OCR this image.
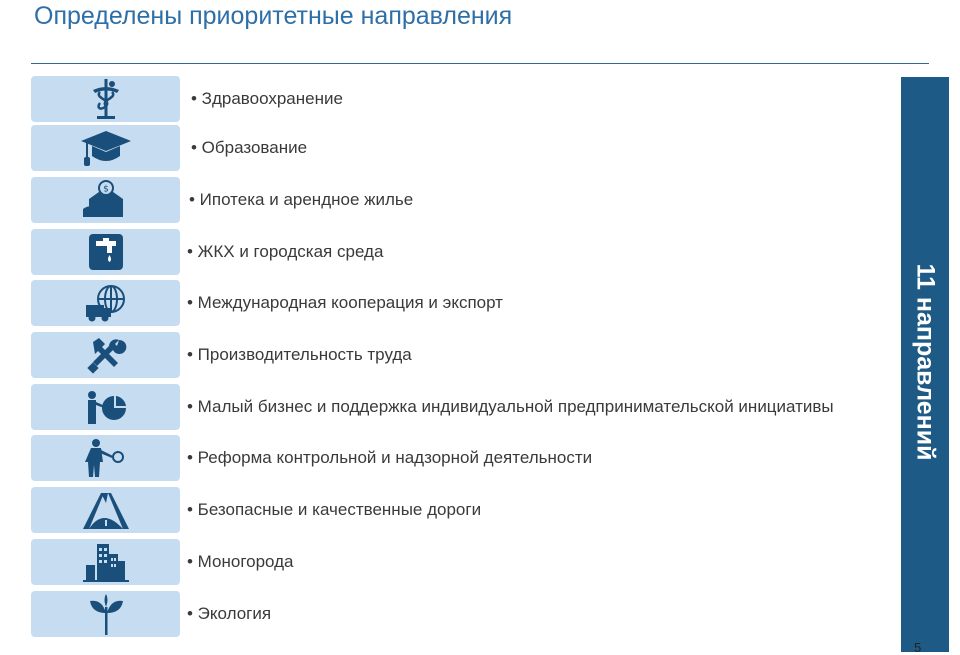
Определены приоритетные направления
• Здравоохранение
• Образование
$
• Ипотека и арендное жилье
• ЖКХ и городская среда
• Международная кооперация и экспорт
• Производительность труда
• Малый бизнес и поддержка индивидуальной предпринимательской инициативы
• Реформа контрольной и надзорной деятельности
• Безопасные и качественные дороги
• Моногорода
• Экология
11 направлений
5
